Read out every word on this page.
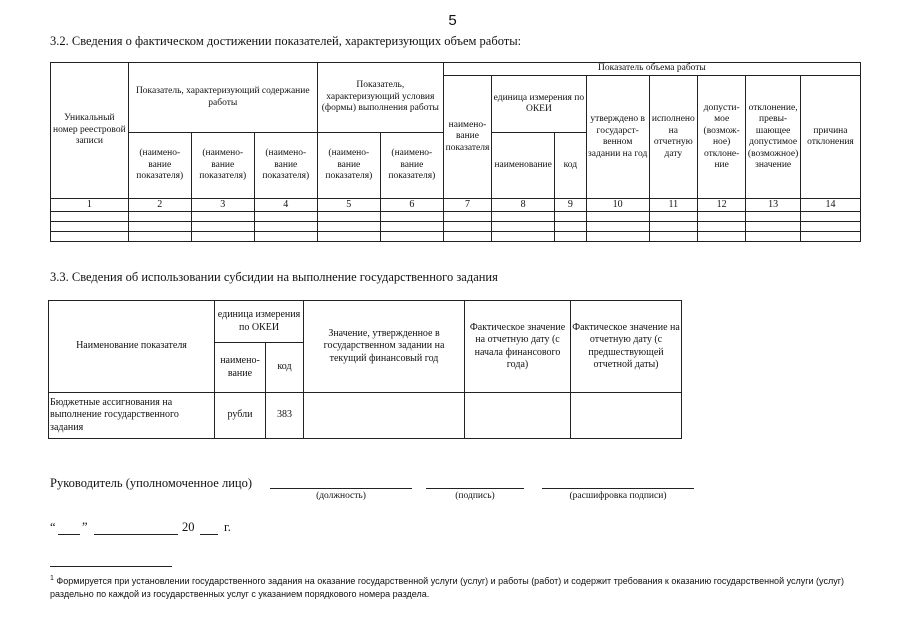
5
3.2. Сведения о фактическом достижении показателей, характеризующих объем работы:
Уникальный номер реестровой записи	Показатель, характеризующий содержание работы			Показатель, характеризующий условия (формы) выполнения работы		Показатель объема работы							
						наименование показателя	единица измерения по ОКЕИ		утверждено в государственном задании на год	исполнено на отчетную дату	допустимое (возможное) отклонение	отклонение, превышающее допустимое (возможное) значение	причина отклонения
	(наименование показателя)	(наименование показателя)	(наименование показателя)	(наименование показателя)	(наименование показателя)		наименование	код					
1	2	3	4	5	6	7	8	9	10	11	12	13	14

3.3. Сведения об использовании субсидии на выполнение государственного задания
Наименование показателя	единица измерения по ОКЕИ		Значение, утвержденное в государственном задании на текущий финансовый год	Фактическое значение на отчетную дату (с начала финансового года)	Фактическое значение на отчетную дату (с предшествующей отчетной даты)
	наименование	код			
Бюджетные ассигнования на выполнение государственного задания	рубли	383			
Руководитель (уполномоченное лицо)
(должность)	(подпись)	(расшифровка подписи)
“ ”	20 г.
$^1$ Формируется при установлении государственного задания на оказание государственной услуги (услуг) и работы (работ) и содержит требования к оказанию государственной услуги (услуг) раздельно по каждой из государственных услуг с указанием порядкового номера раздела.
